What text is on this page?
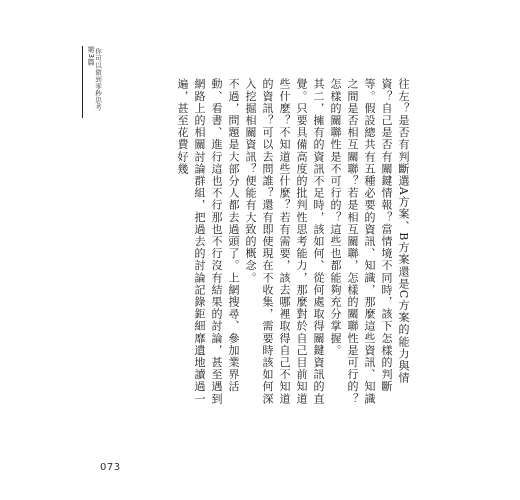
第3篇 你可以做到零秒思考	往左？是否有判斷選A方案、B方案還是C方案的能力與情資？自己是否有關鍵情報？當情境不同時，該下怎樣的判斷等。假設總共有五種必要的資訊、知識，那麼這些資訊、知識之間是否相互關聯？若是相互關聯，怎樣的關聯性是可行的？怎樣的關聯性是不可行的？這些也都能夠充分掌握。

其二，擁有的資訊不足時，該如何、從何處取得關鍵資訊的直覺。只要具備高度的批判性思考能力，那麼對於自己目前知道些什麼？不知道些什麼？若有需要，該去哪裡取得自己不知道的資訊？可以去問誰？還有即使現在不收集，需要時該如何深入挖掘相關資訊？便能有大致的概念。

不過，問題是大部分人都去過頭了。上網搜尋、參加業界活動、看書、進行這也不行那也不行沒有結果的討論，甚至遇到網路上的相關討論群組，把過去的討論記錄鉅細靡遺地讀過一遍，甚至花費好幾

073
